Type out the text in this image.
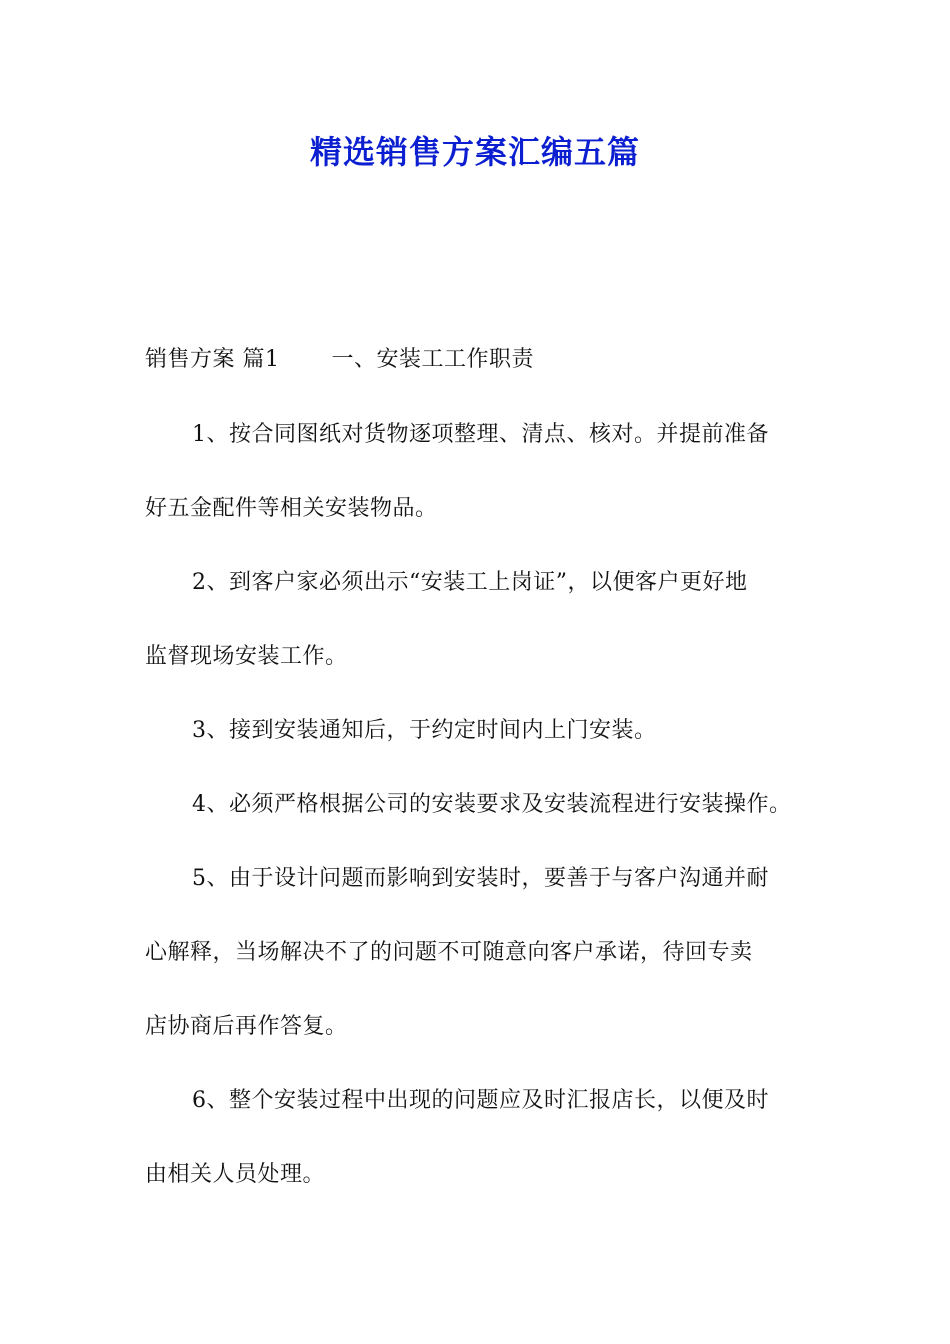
精选销售方案汇编五篇
销售方案 篇1 一、安装工工作职责
1、按合同图纸对货物逐项整理、清点、核对。并提前准备
好五金配件等相关安装物品。
2、到客户家必须出示“安装工上岗证”，以便客户更好地
监督现场安装工作。
3、接到安装通知后，于约定时间内上门安装。
4、必须严格根据公司的安装要求及安装流程进行安装操作。
5、由于设计问题而影响到安装时，要善于与客户沟通并耐
心解释，当场解决不了的问题不可随意向客户承诺，待回专卖
店协商后再作答复。
6、整个安装过程中出现的问题应及时汇报店长，以便及时
由相关人员处理。
